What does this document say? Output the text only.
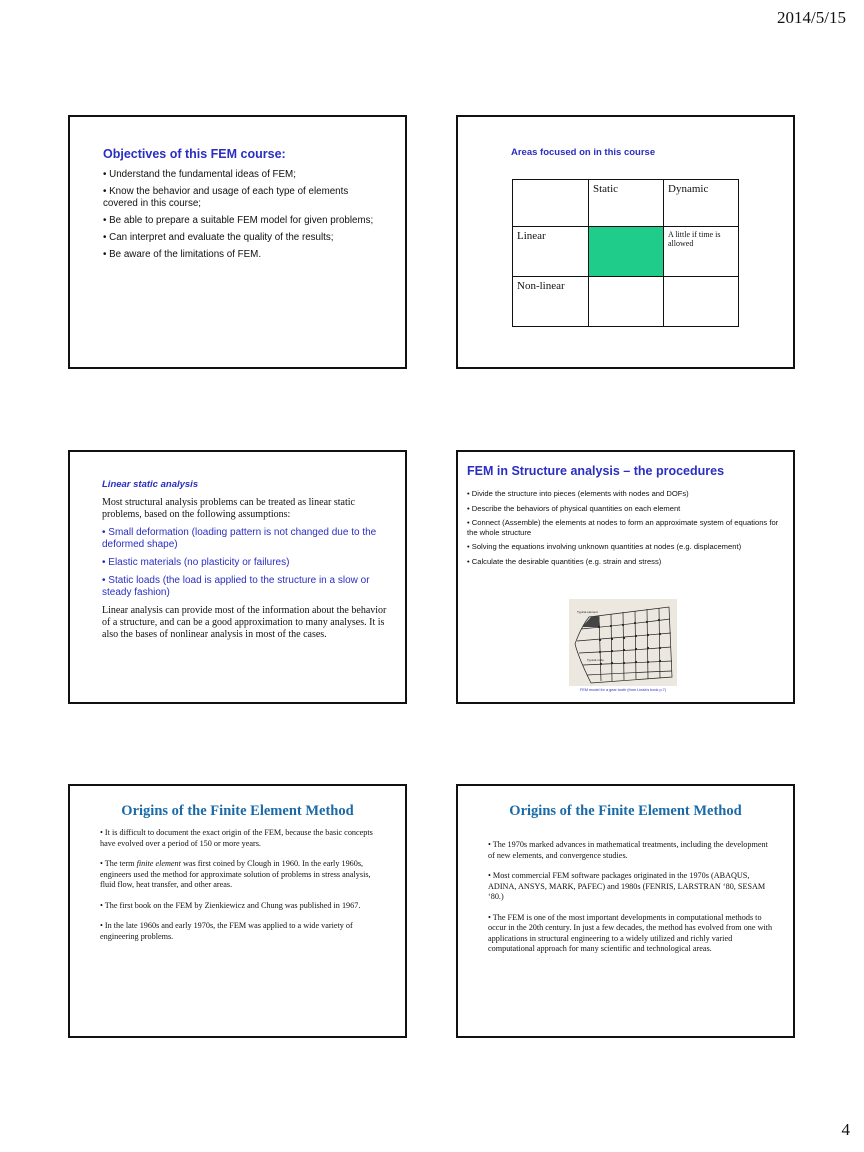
2014/5/15
Objectives of this FEM course:
• Understand the fundamental ideas of FEM;
• Know the behavior and usage of each type of elements covered in this course;
• Be able to prepare a suitable FEM model for given problems;
• Can interpret and evaluate the quality of the results;
• Be aware of the limitations of FEM.
Areas focused on in this course
	Static	Dynamic
Linear		A little if time is allowed
Non-linear		
Linear static analysis

Most structural analysis problems can be treated as linear static problems, based on the following assumptions:

• Small deformation (loading pattern is not changed due to the deformed shape)

• Elastic materials (no plasticity or failures)

• Static loads (the load is applied to the structure in a slow or steady fashion)

Linear analysis can provide most of the information about the behavior of a structure, and can be a good approximation to many analyses. It is also the bases of nonlinear analysis in most of the cases.

FEM in Structure analysis – the procedures
• Divide the structure into pieces (elements with nodes and DOFs)
• Describe the behaviors of physical quantities on each element
• Connect (Assemble) the elements at nodes to form an approximate system of equations for the whole structure
• Solving the equations involving unknown quantities at nodes (e.g. displacement)
• Calculate the desirable quantities (e.g. strain and stress)
Typical element
Typical node
FEM model for a gear tooth (from Linda's book p.7)
Origins of the Finite Element Method
• It is difficult to document the exact origin of the FEM, because the basic concepts have evolved over a period of 150 or more years.
• The term finite element was first coined by Clough in 1960. In the early 1960s, engineers used the method for approximate solution of problems in stress analysis, fluid flow, heat transfer, and other areas.
• The first book on the FEM by Zienkiewicz and Chung was published in 1967.
• In the late 1960s and early 1970s, the FEM was applied to a wide variety of engineering problems.
Origins of the Finite Element Method
• The 1970s marked advances in mathematical treatments, including the development of new elements, and convergence studies.
• Most commercial FEM software packages originated in the 1970s (ABAQUS, ADINA, ANSYS, MARK, PAFEC) and 1980s (FENRIS, LARSTRAN ‘80, SESAM ‘80.)
• The FEM is one of the most important developments in computational methods to occur in the 20th century. In just a few decades, the method has evolved from one with applications in structural engineering to a widely utilized and richly varied computational approach for many scientific and technological areas.
4
